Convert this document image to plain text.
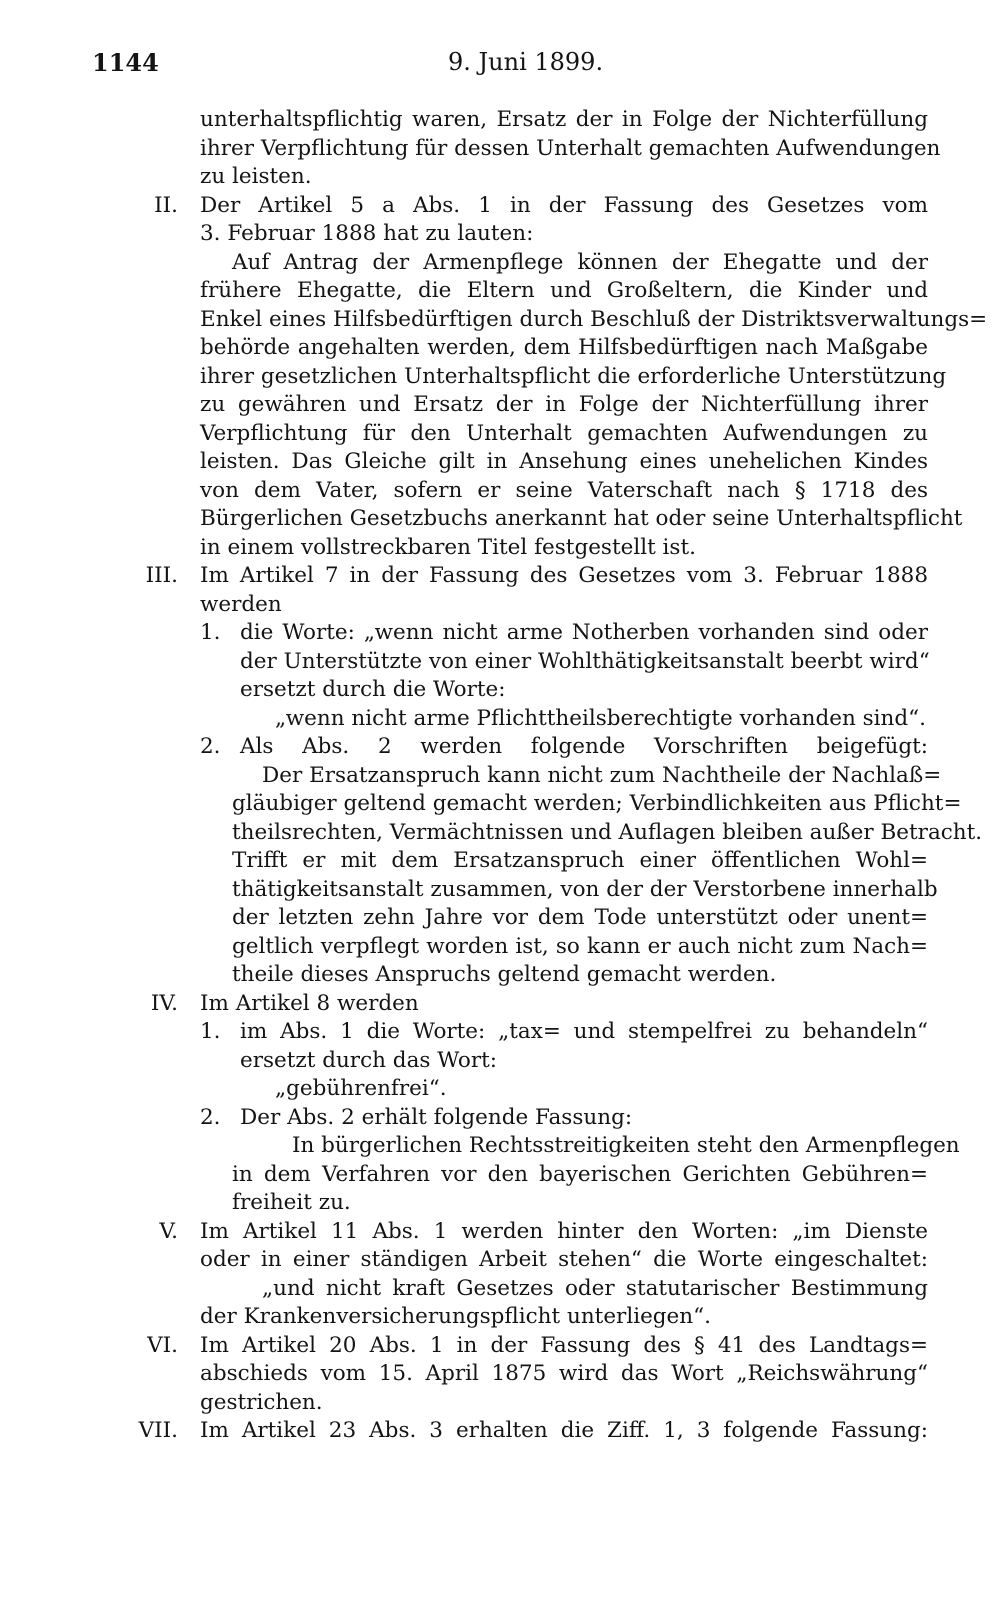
1144	9. Juni 1899.
unterhaltspflichtig waren, Ersatz der in Folge der Nichterfüllung
ihrer Verpflichtung für dessen Unterhalt gemachten Aufwendungen
zu leisten.
II. Der Artikel 5 a Abs. 1 in der Fassung des Gesetzes vom
3. Februar 1888 hat zu lauten:
Auf Antrag der Armenpflege können der Ehegatte und der
frühere Ehegatte, die Eltern und Großeltern, die Kinder und
Enkel eines Hilfsbedürftigen durch Beschluß der Distriktsverwaltungs=
behörde angehalten werden, dem Hilfsbedürftigen nach Maßgabe
ihrer gesetzlichen Unterhaltspflicht die erforderliche Unterstützung
zu gewähren und Ersatz der in Folge der Nichterfüllung ihrer
Verpflichtung für den Unterhalt gemachten Aufwendungen zu
leisten. Das Gleiche gilt in Ansehung eines unehelichen Kindes
von dem Vater, sofern er seine Vaterschaft nach § 1718 des
Bürgerlichen Gesetzbuchs anerkannt hat oder seine Unterhaltspflicht
in einem vollstreckbaren Titel festgestellt ist.
III. Im Artikel 7 in der Fassung des Gesetzes vom 3. Februar 1888
werden
1. die Worte: „wenn nicht arme Notherben vorhanden sind oder
der Unterstützte von einer Wohlthätigkeitsanstalt beerbt wird“
ersetzt durch die Worte:
„wenn nicht arme Pflichttheilsberechtigte vorhanden sind“.
2. Als Abs. 2 werden folgende Vorschriften beigefügt:
Der Ersatzanspruch kann nicht zum Nachtheile der Nachlaß=
gläubiger geltend gemacht werden; Verbindlichkeiten aus Pflicht=
theilsrechten, Vermächtnissen und Auflagen bleiben außer Betracht.
Trifft er mit dem Ersatzanspruch einer öffentlichen Wohl=
thätigkeitsanstalt zusammen, von der der Verstorbene innerhalb
der letzten zehn Jahre vor dem Tode unterstützt oder unent=
geltlich verpflegt worden ist, so kann er auch nicht zum Nach=
theile dieses Anspruchs geltend gemacht werden.
IV. Im Artikel 8 werden
1. im Abs. 1 die Worte: „tax= und stempelfrei zu behandeln“
ersetzt durch das Wort:
„gebührenfrei“.
2. Der Abs. 2 erhält folgende Fassung:
In bürgerlichen Rechtsstreitigkeiten steht den Armenpflegen
in dem Verfahren vor den bayerischen Gerichten Gebühren=
freiheit zu.
V. Im Artikel 11 Abs. 1 werden hinter den Worten: „im Dienste
oder in einer ständigen Arbeit stehen“ die Worte eingeschaltet:
„und nicht kraft Gesetzes oder statutarischer Bestimmung
der Krankenversicherungspflicht unterliegen“.
VI. Im Artikel 20 Abs. 1 in der Fassung des § 41 des Landtags=
abschieds vom 15. April 1875 wird das Wort „Reichswährung“
gestrichen.
VII. Im Artikel 23 Abs. 3 erhalten die Ziff. 1, 3 folgende Fassung:
